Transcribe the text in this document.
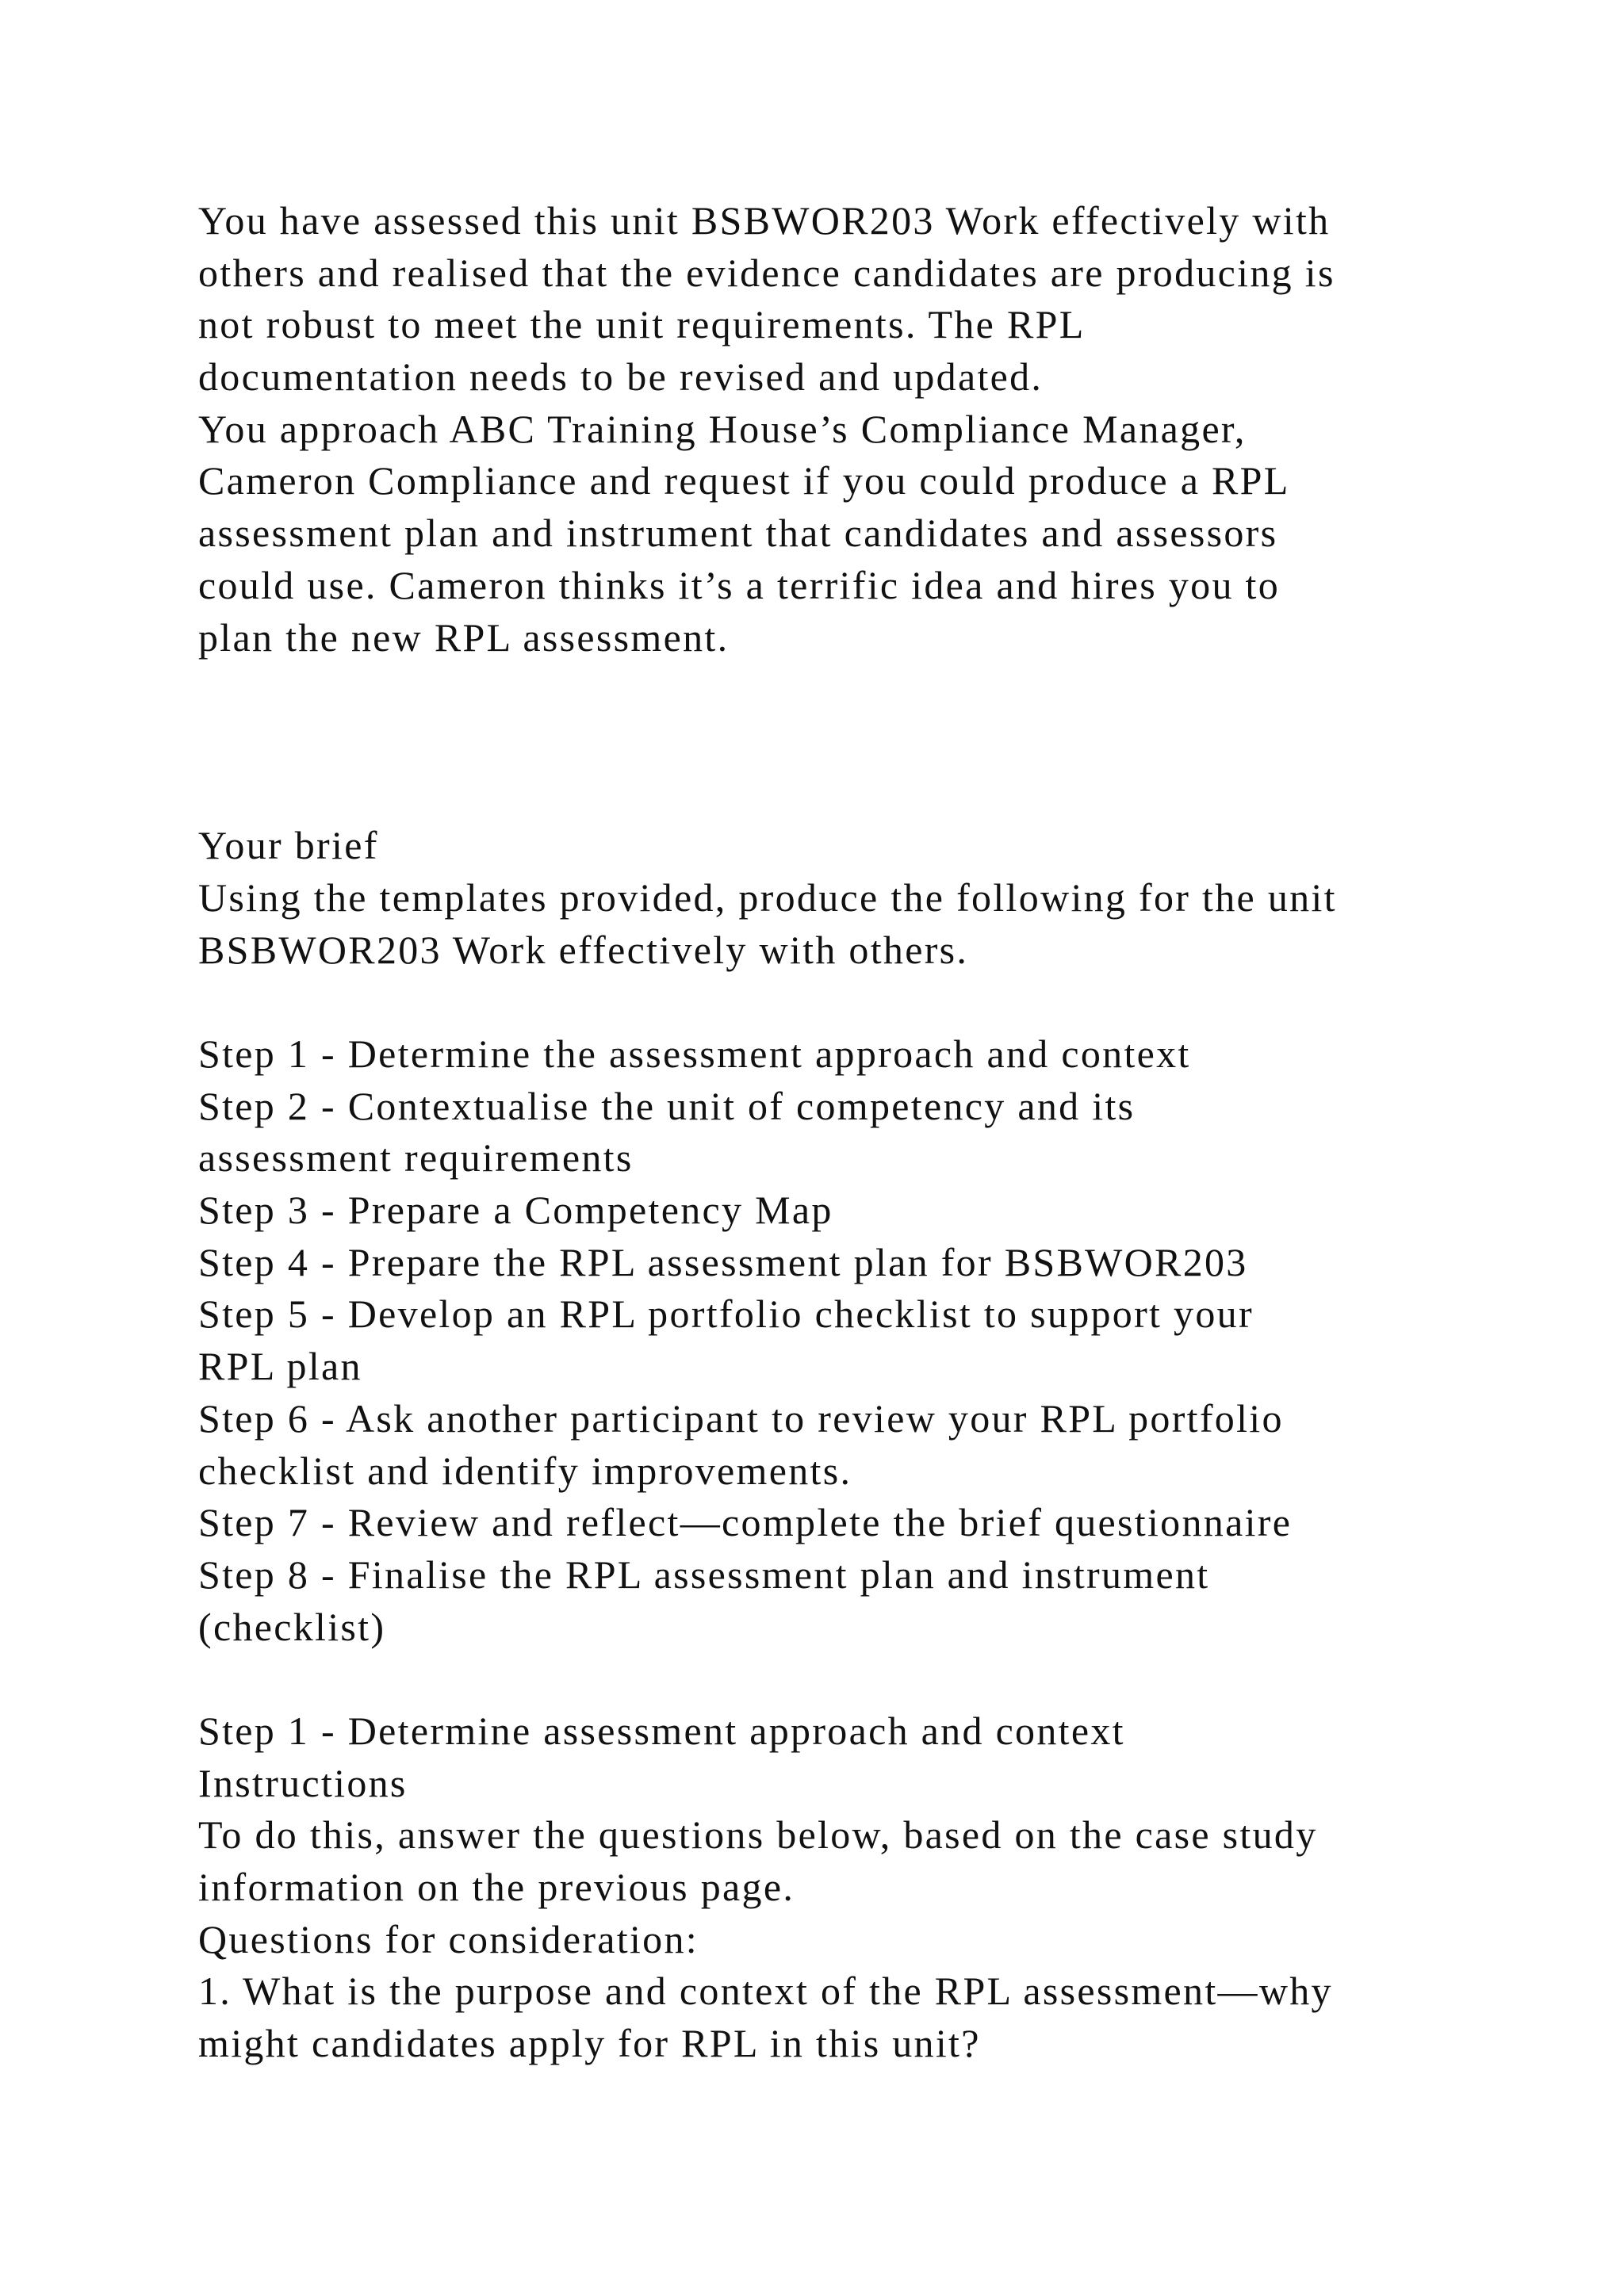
You have assessed this unit BSBWOR203 Work effectively with
others and realised that the evidence candidates are producing is
not robust to meet the unit requirements. The RPL
documentation needs to be revised and updated.
You approach ABC Training House’s Compliance Manager,
Cameron Compliance and request if you could produce a RPL
assessment plan and instrument that candidates and assessors
could use. Cameron thinks it’s a terrific idea and hires you to
plan the new RPL assessment.
Your brief
Using the templates provided, produce the following for the unit
BSBWOR203 Work effectively with others.
Step 1 - Determine the assessment approach and context
Step 2 - Contextualise the unit of competency and its
assessment requirements
Step 3 - Prepare a Competency Map
Step 4 - Prepare the RPL assessment plan for BSBWOR203
Step 5 - Develop an RPL portfolio checklist to support your
RPL plan
Step 6 - Ask another participant to review your RPL portfolio
checklist and identify improvements.
Step 7 - Review and reflect—complete the brief questionnaire
Step 8 - Finalise the RPL assessment plan and instrument
(checklist)
Step 1 - Determine assessment approach and context
Instructions
To do this, answer the questions below, based on the case study
information on the previous page.
Questions for consideration:
1. What is the purpose and context of the RPL assessment—why
might candidates apply for RPL in this unit?
